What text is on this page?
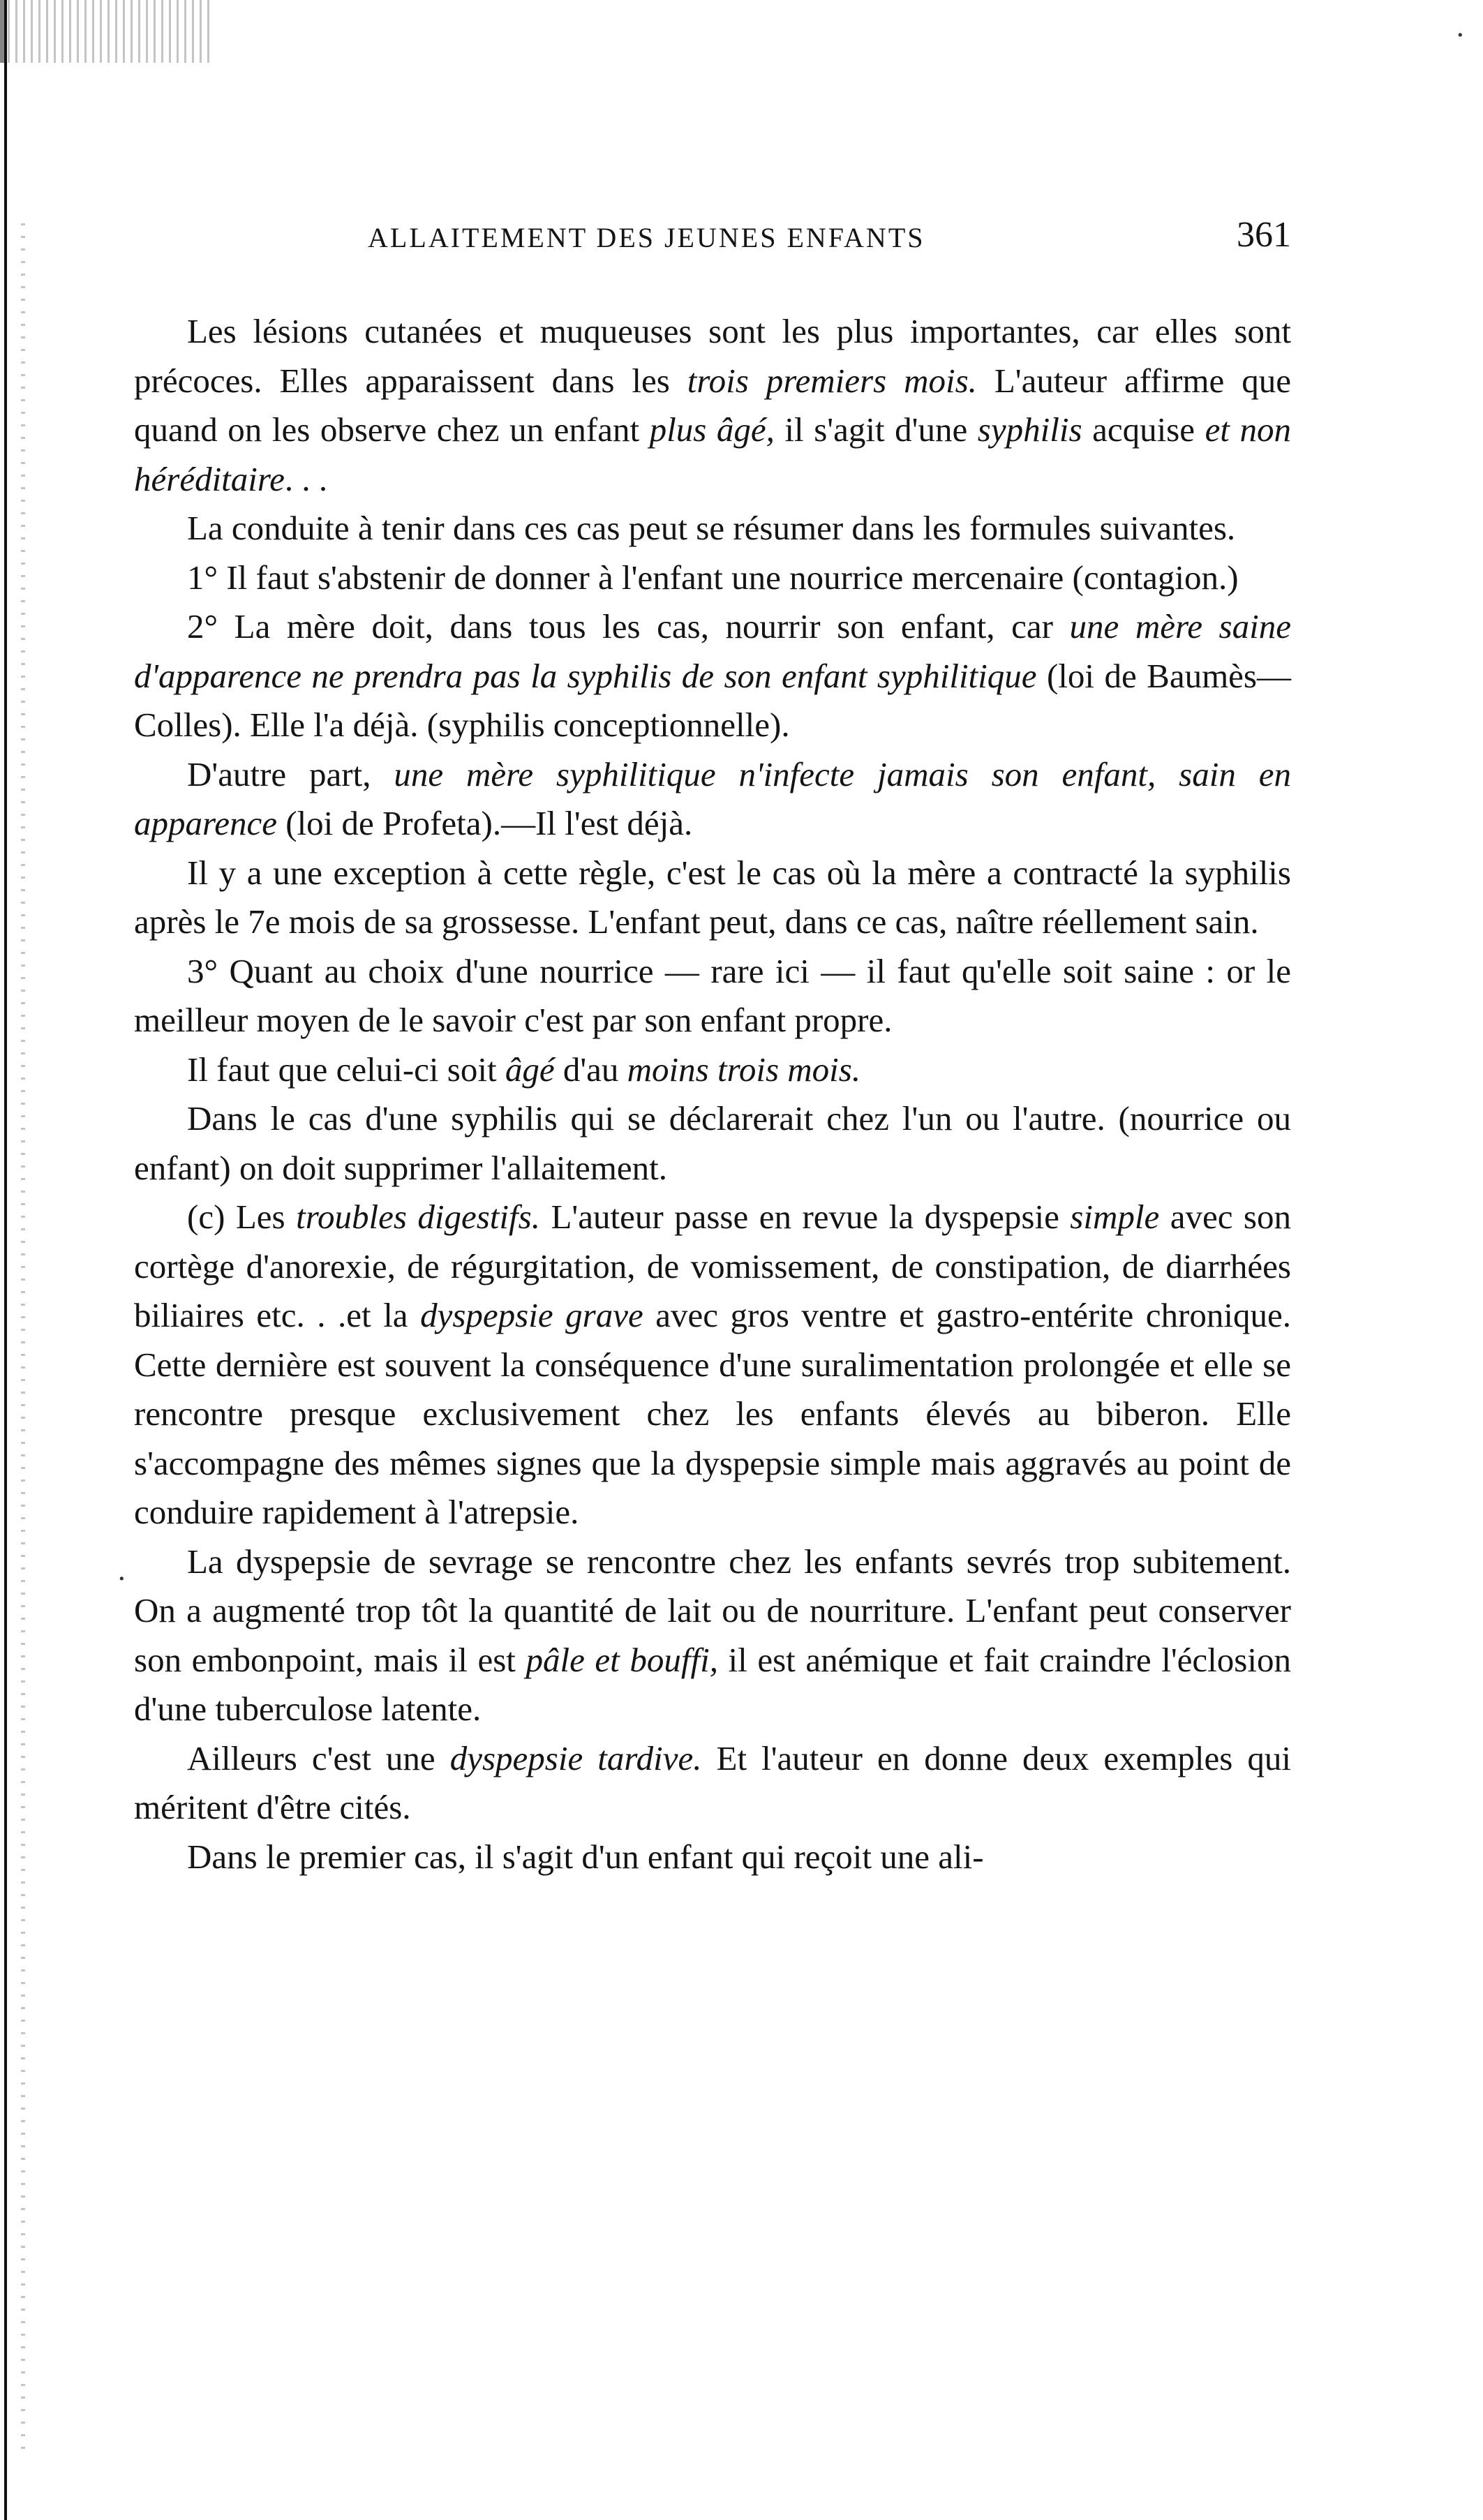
ALLAITEMENT DES JEUNES ENFANTS	361

Les lésions cutanées et muqueuses sont les plus importantes, car elles sont précoces. Elles apparaissent dans les trois premiers mois. L'auteur affirme que quand on les observe chez un enfant plus âgé, il s'agit d'une syphilis acquise et non héréditaire. . .

La conduite à tenir dans ces cas peut se résumer dans les formules suivantes.

1° Il faut s'abstenir de donner à l'enfant une nourrice mercenaire (contagion.)

2° La mère doit, dans tous les cas, nourrir son enfant, car une mère saine d'apparence ne prendra pas la syphilis de son enfant syphilitique (loi de Baumès—Colles). Elle l'a déjà. (syphilis conceptionnelle).

D'autre part, une mère syphilitique n'infecte jamais son enfant, sain en apparence (loi de Profeta).—Il l'est déjà.

Il y a une exception à cette règle, c'est le cas où la mère a contracté la syphilis après le 7e mois de sa grossesse. L'enfant peut, dans ce cas, naître réellement sain.

3° Quant au choix d'une nourrice — rare ici — il faut qu'elle soit saine : or le meilleur moyen de le savoir c'est par son enfant propre.

Il faut que celui-ci soit âgé d'au moins trois mois.

Dans le cas d'une syphilis qui se déclarerait chez l'un ou l'autre. (nourrice ou enfant) on doit supprimer l'allaitement.

(c) Les troubles digestifs. L'auteur passe en revue la dyspepsie simple avec son cortège d'anorexie, de régurgitation, de vomissement, de constipation, de diarrhées biliaires etc. . .et la dyspepsie grave avec gros ventre et gastro-entérite chronique. Cette dernière est souvent la conséquence d'une suralimentation prolongée et elle se rencontre presque exclusivement chez les enfants élevés au biberon. Elle s'accompagne des mêmes signes que la dyspepsie simple mais aggravés au point de conduire rapidement à l'atrepsie.

La dyspepsie de sevrage se rencontre chez les enfants sevrés trop subitement. On a augmenté trop tôt la quantité de lait ou de nourriture. L'enfant peut conserver son embonpoint, mais il est pâle et bouffi, il est anémique et fait craindre l'éclosion d'une tuberculose latente.

Ailleurs c'est une dyspepsie tardive. Et l'auteur en donne deux exemples qui méritent d'être cités.

Dans le premier cas, il s'agit d'un enfant qui reçoit une ali-

·
·
